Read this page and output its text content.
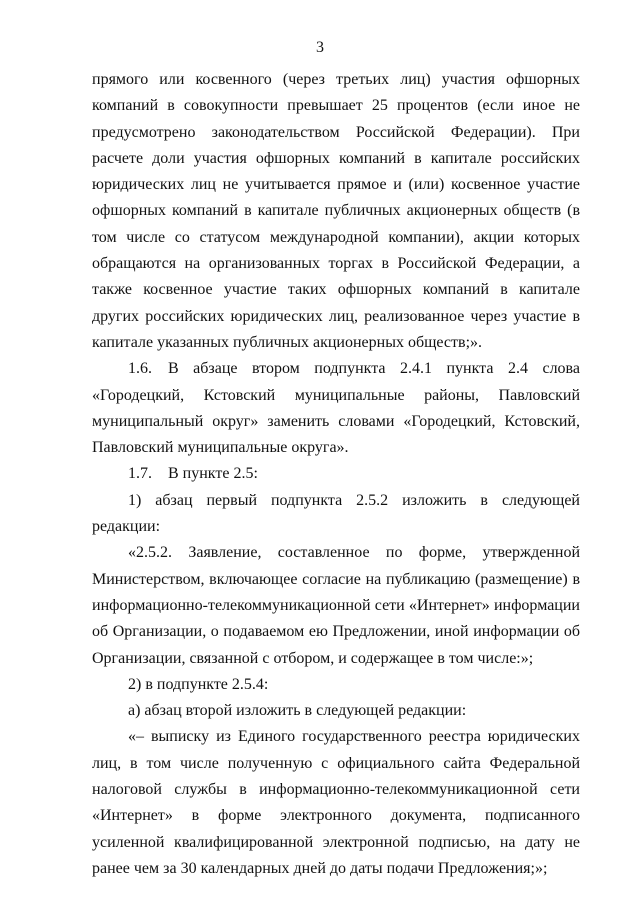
3

прямого или косвенного (через третьих лиц) участия офшорных компаний в совокупности превышает 25 процентов (если иное не предусмотрено законодательством Российской Федерации). При расчете доли участия офшорных компаний в капитале российских юридических лиц не учитывается прямое и (или) косвенное участие офшорных компаний в капитале публичных акционерных обществ (в том числе со статусом международной компании), акции которых обращаются на организованных торгах в Российской Федерации, а также косвенное участие таких офшорных компаний в капитале других российских юридических лиц, реализованное через участие в капитале указанных публичных акционерных обществ;».

1.6. В абзаце втором подпункта 2.4.1 пункта 2.4 слова «Городецкий, Кстовский муниципальные районы, Павловский муниципальный округ» заменить словами «Городецкий, Кстовский, Павловский муниципальные округа».

1.7. В пункте 2.5:

1) абзац первый подпункта 2.5.2 изложить в следующей редакции:

«2.5.2. Заявление, составленное по форме, утвержденной Министерством, включающее согласие на публикацию (размещение) в информационно-телекоммуникационной сети «Интернет» информации об Организации, о подаваемом ею Предложении, иной информации об Организации, связанной с отбором, и содержащее в том числе:»;

2) в подпункте 2.5.4:

а) абзац второй изложить в следующей редакции:

«– выписку из Единого государственного реестра юридических лиц, в том числе полученную с официального сайта Федеральной налоговой службы в информационно-телекоммуникационной сети «Интернет» в форме электронного документа, подписанного усиленной квалифицированной электронной подписью, на дату не ранее чем за 30 календарных дней до даты подачи Предложения;»;
